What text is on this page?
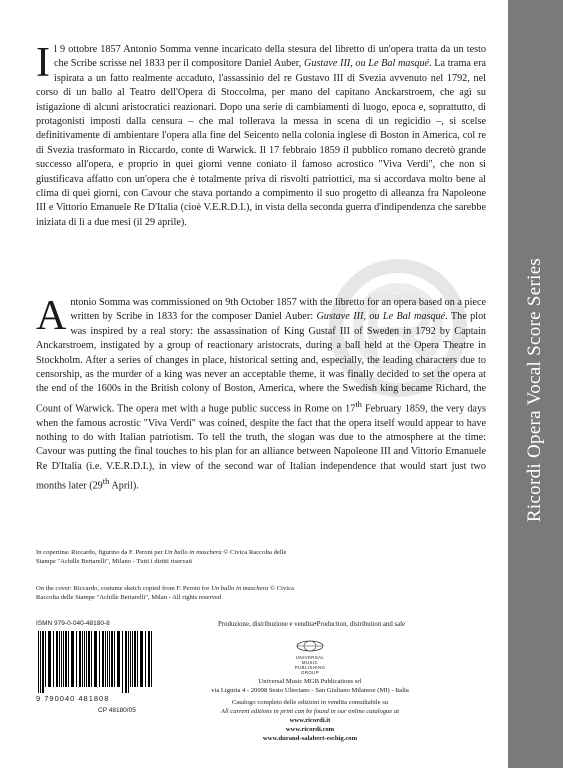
Il 9 ottobre 1857 Antonio Somma venne incaricato della stesura del libretto di un'opera tratta da un testo che Scribe scrisse nel 1833 per il compositore Daniel Auber, Gustave III, ou Le Bal masqué. La trama era ispirata a un fatto realmente accaduto, l'assassinio del re Gustavo III di Svezia avvenuto nel 1792, nel corso di un ballo al Teatro dell'Opera di Stoccolma, per mano del capitano Anckarstroem, che agì su istigazione di alcuni aristocratici reazionari. Dopo una serie di cambiamenti di luogo, epoca e, soprattutto, di protagonisti imposti dalla censura – che mal tollerava la messa in scena di un regicidio –, si scelse definitivamente di ambientare l'opera alla fine del Seicento nella colonia inglese di Boston in America, col re di Svezia trasformato in Riccardo, conte di Warwick. Il 17 febbraio 1859 il pubblico romano decretò grande successo all'opera, e proprio in quei giorni venne coniato il famoso acrostico "Viva Verdi", che non si giustificava affatto con un'opera che è totalmente priva di risvolti patriottici, ma si accordava molto bene al clima di quei giorni, con Cavour che stava portando a compimento il suo progetto di alleanza fra Napoleone III e Vittorio Emanuele Re D'Italia (cioè V.E.R.D.I.), in vista della seconda guerra d'indipendenza che sarebbe iniziata di lì a due mesi (il 29 aprile).

Antonio Somma was commissioned on 9th October 1857 with the libretto for an opera based on a piece written by Scribe in 1833 for the composer Daniel Auber: Gustave III, ou Le Bal masqué. The plot was inspired by a real story: the assassination of King Gustaf III of Sweden in 1792 by Captain Anckarstroem, instigated by a group of reactionary aristocrats, during a ball held at the Opera Theatre in Stockholm. After a series of changes in place, historical setting and, especially, the leading characters due to censorship, as the murder of a king was never an acceptable theme, it was finally decided to set the opera at the end of the 1600s in the British colony of Boston, America, where the Swedish king became Richard, the Count of Warwick. The opera met with a huge public success in Rome on 17th February 1859, the very days when the famous acrostic "Viva Verdi" was coined, despite the fact that the opera itself would appear to have nothing to do with Italian patriotism. To tell the truth, the slogan was due to the atmosphere at the time: Cavour was putting the final touches to his plan for an alliance between Napoleone III and Vittorio Emanuele Re D'Italia (i.e. V.E.R.D.I.), in view of the second war of Italian independence that would start just two months later (29th April).

In copertina: Riccardo, figurino da F. Peroni per Un ballo in maschera © Civica Raccolta delle Stampe "Achille Bertarelli", Milano - Tutti i diritti riservati

On the cover: Riccardo, costume sketch copied from F. Peroni for Un ballo in maschera © Civica Raccolta delle Stampe "Achille Bertarelli", Milan - All rights reserved

ISMN 979-0-040-48180-8

9 790040 481808
CP 48180/05
Produzione, distribuzione e vendita•Production, distribution and sale
UNIVERSAL
MUSIC PUBLISHING
GROUP

Universal Music MGB Publications srl

via Liguria 4 - 20098 Sesto Ulteriano - San Giuliano Milanese (MI) - Italia

Catalogo completo delle edizioni in vendita consultabile su

All current editions in print can be found in our online catalogue at

www.ricordi.it

www.ricordi.com

www.durand-salabert-eschig.com

Ricordi Opera Vocal Score Series
